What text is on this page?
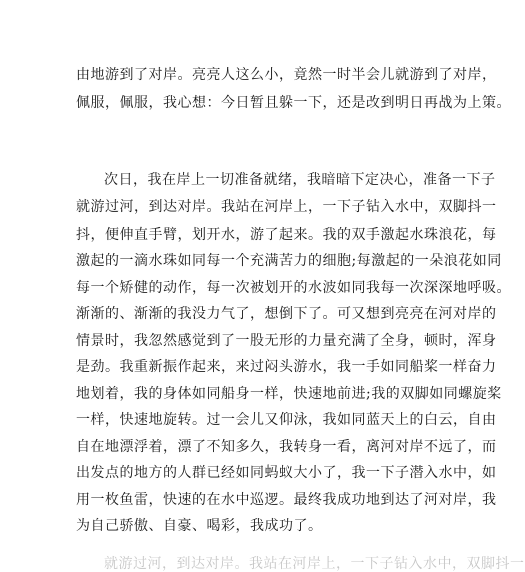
由地游到了对岸。亮亮人这么小，竟然一时半会儿就游到了对岸，
佩服，佩服，我心想：今日暂且躲一下，还是改到明日再战为上策。
次日，我在岸上一切准备就绪，我暗暗下定决心，准备一下子
就游过河，到达对岸。我站在河岸上，一下子钻入水中，双脚抖一
抖，便伸直手臂，划开水，游了起来。我的双手激起水珠浪花，每
激起的一滴水珠如同每一个充满苦力的细胞;每激起的一朵浪花如同
每一个矫健的动作，每一次被划开的水波如同我每一次深深地呼吸。
渐渐的、渐渐的我没力气了，想倒下了。可又想到亮亮在河对岸的
情景时，我忽然感觉到了一股无形的力量充满了全身，顿时，浑身
是劲。我重新振作起来，来过闷头游水，我一手如同船桨一样奋力
地划着，我的身体如同船身一样，快速地前进;我的双脚如同螺旋桨
一样，快速地旋转。过一会儿又仰泳，我如同蓝天上的白云，自由
自在地漂浮着，漂了不知多久，我转身一看，离河对岸不远了，而
出发点的地方的人群已经如同蚂蚁大小了，我一下子潜入水中，如
用一枚鱼雷，快速的在水中巡逻。最终我成功地到达了河对岸，我
为自己骄傲、自豪、喝彩，我成功了。
就游过河，到达对岸。我站在河岸上，一下子钻入水中，双脚抖一
